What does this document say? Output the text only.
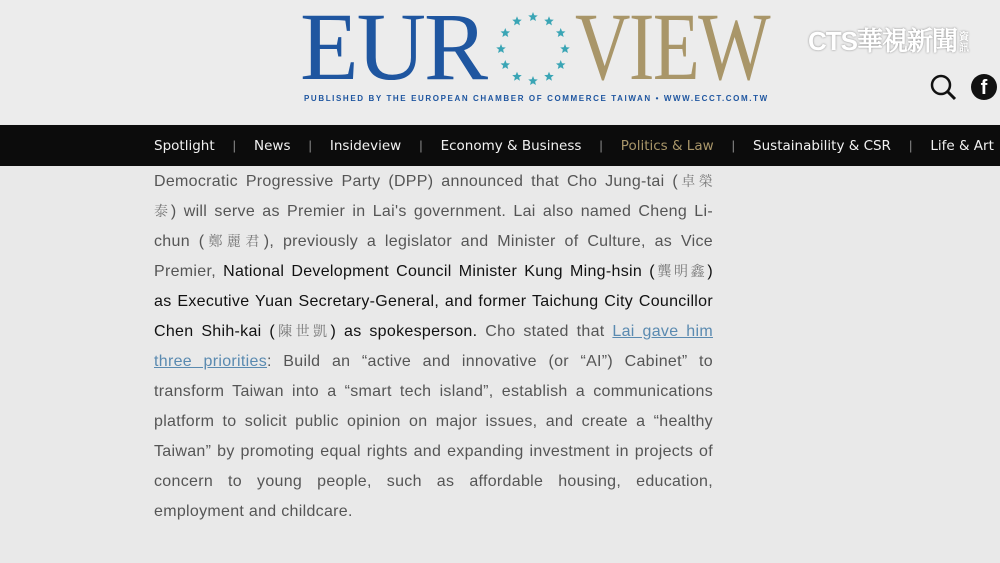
EUR VIEW
PUBLISHED BY THE EUROPEAN CHAMBER OF COMMERCE TAIWAN • WWW.ECCT.COM.TW
CTS華視新聞 資訊
f
Spotlight | News | Insideview | Economy & Business | Politics & Law | Sustainability & CSR | Life & Art
Democratic Progressive Party (DPP) announced that Cho Jung-tai (卓榮
泰) will serve as Premier in Lai's government. Lai also named Cheng Li-
chun (鄭麗君), previously a legislator and Minister of Culture, as Vice
Premier, National Development Council Minister Kung Ming-hsin (龔明鑫)
as Executive Yuan Secretary-General, and former Taichung City Councillor
Chen Shih-kai (陳世凱) as spokesperson. Cho stated that Lai gave him
three priorities: Build an “active and innovative (or “AI”) Cabinet” to
transform Taiwan into a “smart tech island”, establish a communications
platform to solicit public opinion on major issues, and create a “healthy
Taiwan” by promoting equal rights and expanding investment in projects of
concern to young people, such as affordable housing, education,
employment and childcare.
